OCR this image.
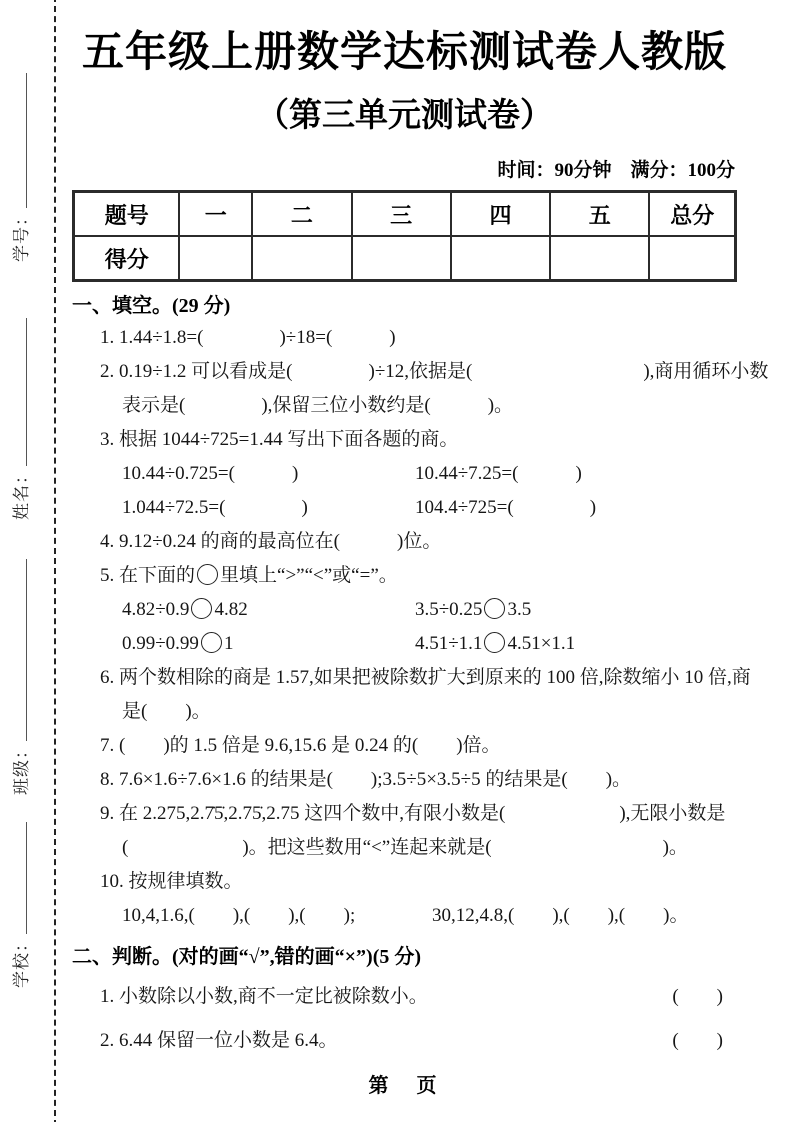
学号：
姓名：
班级：
学校：
五年级上册数学达标测试卷人教版
（第三单元测试卷）
时间：90分钟　满分：100分
题号	一	二	三	四	五	总分
得分						
一、填空。(29 分)
1. 1.44÷1.8=(　　　　)÷18=(　　　)
2. 0.19÷1.2 可以看成是(　　　　)÷12,依据是(　　　　　　　　　),商用循环小数
表示是(　　　　),保留三位小数约是(　　　)。
3. 根据 1044÷725=1.44 写出下面各题的商。
10.44÷0.725=(　　　)	10.44÷7.25=(　　　)
1.044÷72.5=(　　　　)	104.4÷725=(　　　　)
4. 9.12÷0.24 的商的最高位在(　　　)位。
5. 在下面的 里填上“>”“<”或“=”。
4.82÷0.9 4.82	3.5÷0.25 3.5
0.99÷0.99 1	4.51÷1.1 4.51×1.1
6. 两个数相除的商是 1.57,如果把被除数扩大到原来的 100 倍,除数缩小 10 倍,商
是(　　)。
7. (　　)的 1.5 倍是 9.6,15.6 是 0.24 的(　　)倍。
8. 7.6×1.6÷7.6×1.6 的结果是(　　);3.5÷5×3.5÷5 的结果是(　　)。
9. 在 2.275,2.7̇5̇,2.75̇,2.75 这四个数中,有限小数是(　　　　　　),无限小数是
(　　　　　　)。把这些数用“<”连起来就是(　　　　　　　　　)。
10. 按规律填数。
10,4,1.6,(　　),(　　),(　　);	30,12,4.8,(　　),(　　),(　　)。
二、判断。(对的画“√”,错的画“×”)(5 分)
1. 小数除以小数,商不一定比被除数小。	(　　)
2. 6.44 保留一位小数是 6.4。	(　　)
第　页
